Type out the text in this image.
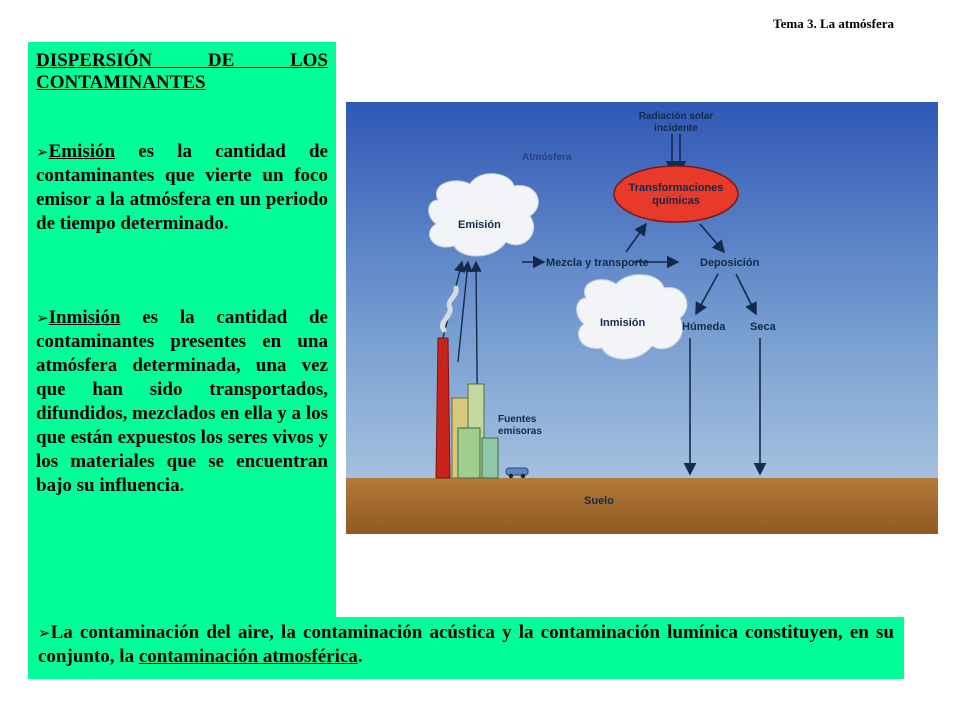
Tema 3. La atmósfera
DISPERSIÓN DE LOS
CONTAMINANTES
➢Emisión es la cantidad de contaminantes que vierte un foco emisor a la atmósfera en un periodo de tiempo determinado.
➢Inmisión es la cantidad de contaminantes presentes en una atmósfera determinada, una vez que han sido transportados, difundidos, mezclados en ella y a los que están expuestos los seres vivos y los materiales que se encuentran bajo su influencia.
➢La contaminación del aire, la contaminación acústica y la contaminación lumínica constituyen, en su conjunto, la contaminación atmosférica.
Radiación solar
incidente
Atmósfera
Transformaciones
químicas
Emisión
Mezcla y transporte	Deposición
Inmisión	Húmeda Seca
Fuentes
emisoras
Suelo
